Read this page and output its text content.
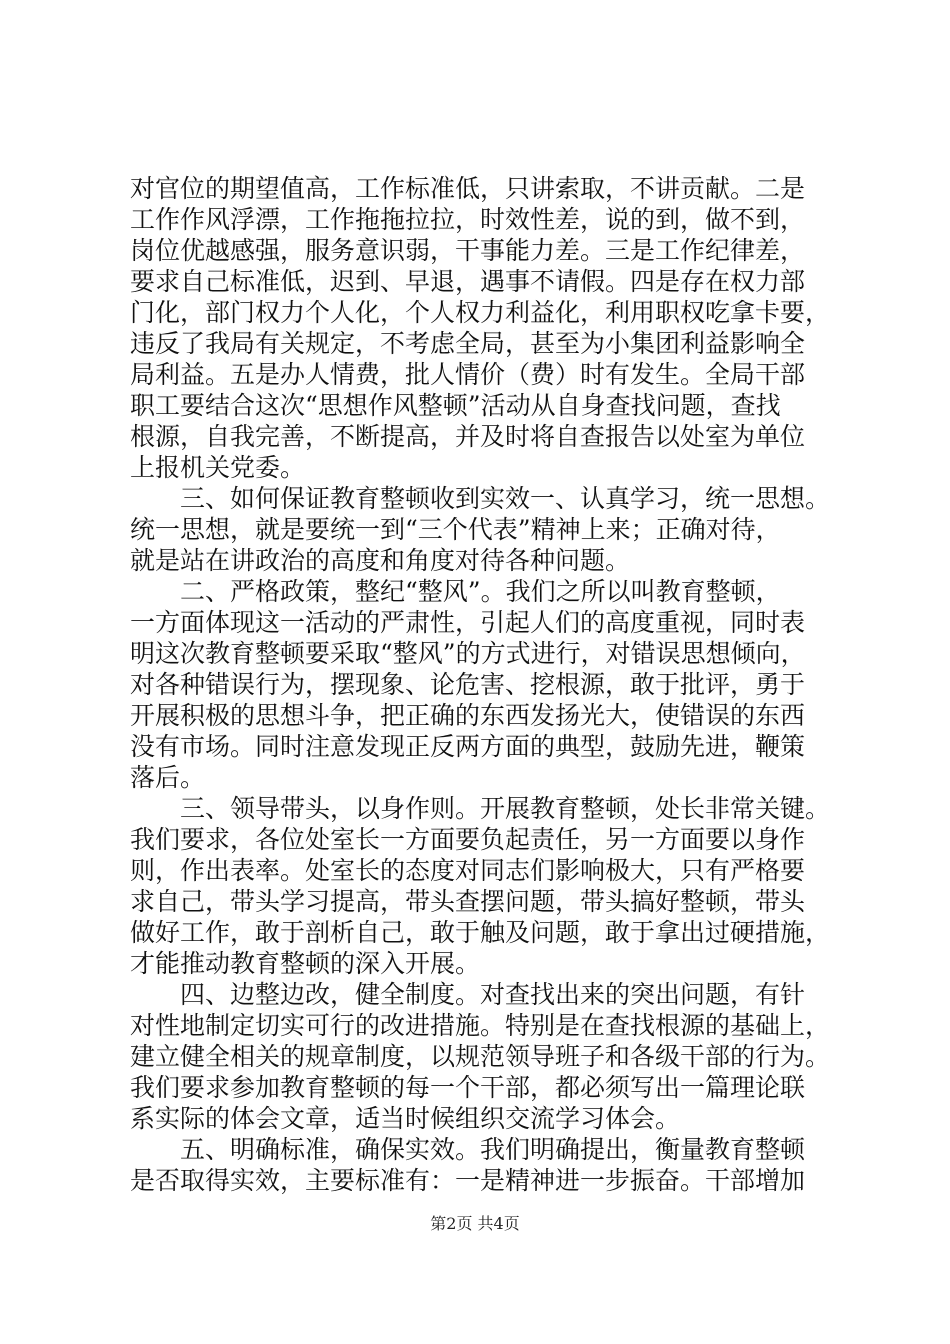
对官位的期望值高，工作标准低，只讲索取，不讲贡献。二是
工作作风浮漂，工作拖拖拉拉，时效性差，说的到，做不到，
岗位优越感强，服务意识弱，干事能力差。三是工作纪律差，
要求自己标准低，迟到、早退，遇事不请假。四是存在权力部
门化，部门权力个人化，个人权力利益化，利用职权吃拿卡要，
违反了我局有关规定，不考虑全局，甚至为小集团利益影响全
局利益。五是办人情费，批人情价（费）时有发生。全局干部
职工要结合这次“思想作风整顿”活动从自身查找问题，查找
根源，自我完善，不断提高，并及时将自查报告以处室为单位
上报机关党委。
　　三、如何保证教育整顿收到实效一、认真学习，统一思想。
统一思想，就是要统一到“三个代表”精神上来；正确对待，
就是站在讲政治的高度和角度对待各种问题。
　　二、严格政策，整纪“整风”。我们之所以叫教育整顿，
一方面体现这一活动的严肃性，引起人们的高度重视，同时表
明这次教育整顿要采取“整风”的方式进行，对错误思想倾向，
对各种错误行为，摆现象、论危害、挖根源，敢于批评，勇于
开展积极的思想斗争，把正确的东西发扬光大，使错误的东西
没有市场。同时注意发现正反两方面的典型，鼓励先进，鞭策
落后。
　　三、领导带头，以身作则。开展教育整顿，处长非常关键。
我们要求，各位处室长一方面要负起责任，另一方面要以身作
则，作出表率。处室长的态度对同志们影响极大，只有严格要
求自己，带头学习提高，带头查摆问题，带头搞好整顿，带头
做好工作，敢于剖析自己，敢于触及问题，敢于拿出过硬措施，
才能推动教育整顿的深入开展。
　　四、边整边改，健全制度。对查找出来的突出问题，有针
对性地制定切实可行的改进措施。特别是在查找根源的基础上，
建立健全相关的规章制度，以规范领导班子和各级干部的行为。
我们要求参加教育整顿的每一个干部，都必须写出一篇理论联
系实际的体会文章，适当时候组织交流学习体会。
　　五、明确标准，确保实效。我们明确提出，衡量教育整顿
是否取得实效，主要标准有：一是精神进一步振奋。干部增加
第2页 共4页
